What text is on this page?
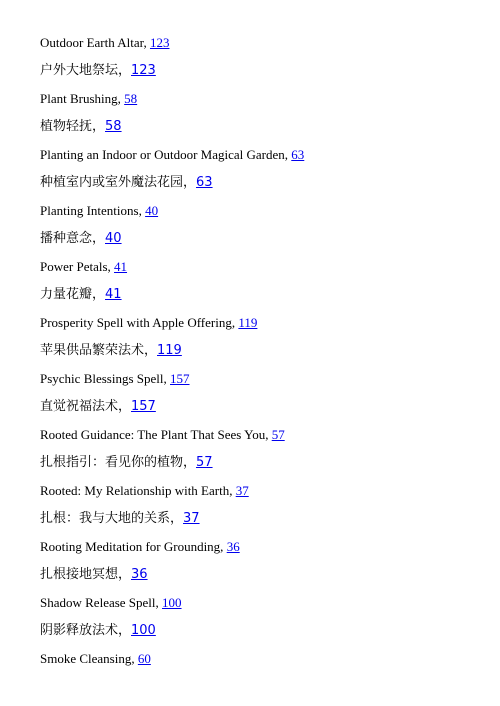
Outdoor Earth Altar, 123
户外大地祭坛，123
Plant Brushing, 58
植物轻抚，58
Planting an Indoor or Outdoor Magical Garden, 63
种植室内或室外魔法花园，63
Planting Intentions, 40
播种意念，40
Power Petals, 41
力量花瓣，41
Prosperity Spell with Apple Offering, 119
苹果供品繁荣法术，119
Psychic Blessings Spell, 157
直觉祝福法术，157
Rooted Guidance: The Plant That Sees You, 57
扎根指引：看见你的植物，57
Rooted: My Relationship with Earth, 37
扎根：我与大地的关系，37
Rooting Meditation for Grounding, 36
扎根接地冥想，36
Shadow Release Spell, 100
阴影释放法术，100
Smoke Cleansing, 60
